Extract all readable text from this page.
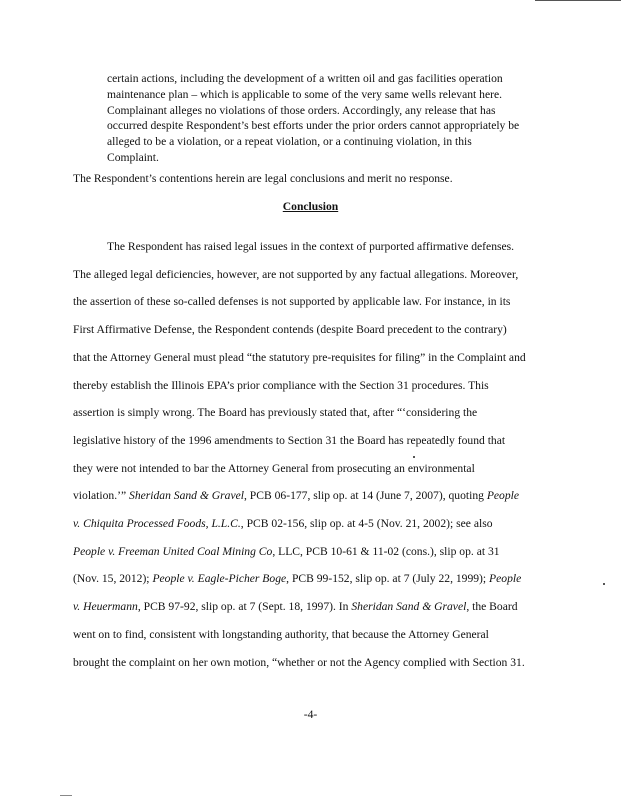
certain actions, including the development of a written oil and gas facilities operation
maintenance plan – which is applicable to some of the very same wells relevant here.
Complainant alleges no violations of those orders. Accordingly, any release that has
occurred despite Respondent’s best efforts under the prior orders cannot appropriately be
alleged to be a violation, or a repeat violation, or a continuing violation, in this
Complaint.
The Respondent’s contentions herein are legal conclusions and merit no response.
Conclusion
The Respondent has raised legal issues in the context of purported affirmative defenses.
The alleged legal deficiencies, however, are not supported by any factual allegations. Moreover,
the assertion of these so-called defenses is not supported by applicable law. For instance, in its
First Affirmative Defense, the Respondent contends (despite Board precedent to the contrary)
that the Attorney General must plead “the statutory pre-requisites for filing” in the Complaint and
thereby establish the Illinois EPA’s prior compliance with the Section 31 procedures. This
assertion is simply wrong. The Board has previously stated that, after “‘considering the
legislative history of the 1996 amendments to Section 31 the Board has repeatedly found that
they were not intended to bar the Attorney General from prosecuting an environmental
violation.’” Sheridan Sand & Gravel, PCB 06-177, slip op. at 14 (June 7, 2007), quoting People
v. Chiquita Processed Foods, L.L.C., PCB 02-156, slip op. at 4-5 (Nov. 21, 2002); see also
People v. Freeman United Coal Mining Co, LLC, PCB 10-61 & 11-02 (cons.), slip op. at 31
(Nov. 15, 2012); People v. Eagle-Picher Boge, PCB 99-152, slip op. at 7 (July 22, 1999); People
v. Heuermann, PCB 97-92, slip op. at 7 (Sept. 18, 1997). In Sheridan Sand & Gravel, the Board
went on to find, consistent with longstanding authority, that because the Attorney General
brought the complaint on her own motion, “whether or not the Agency complied with Section 31.
-4-
